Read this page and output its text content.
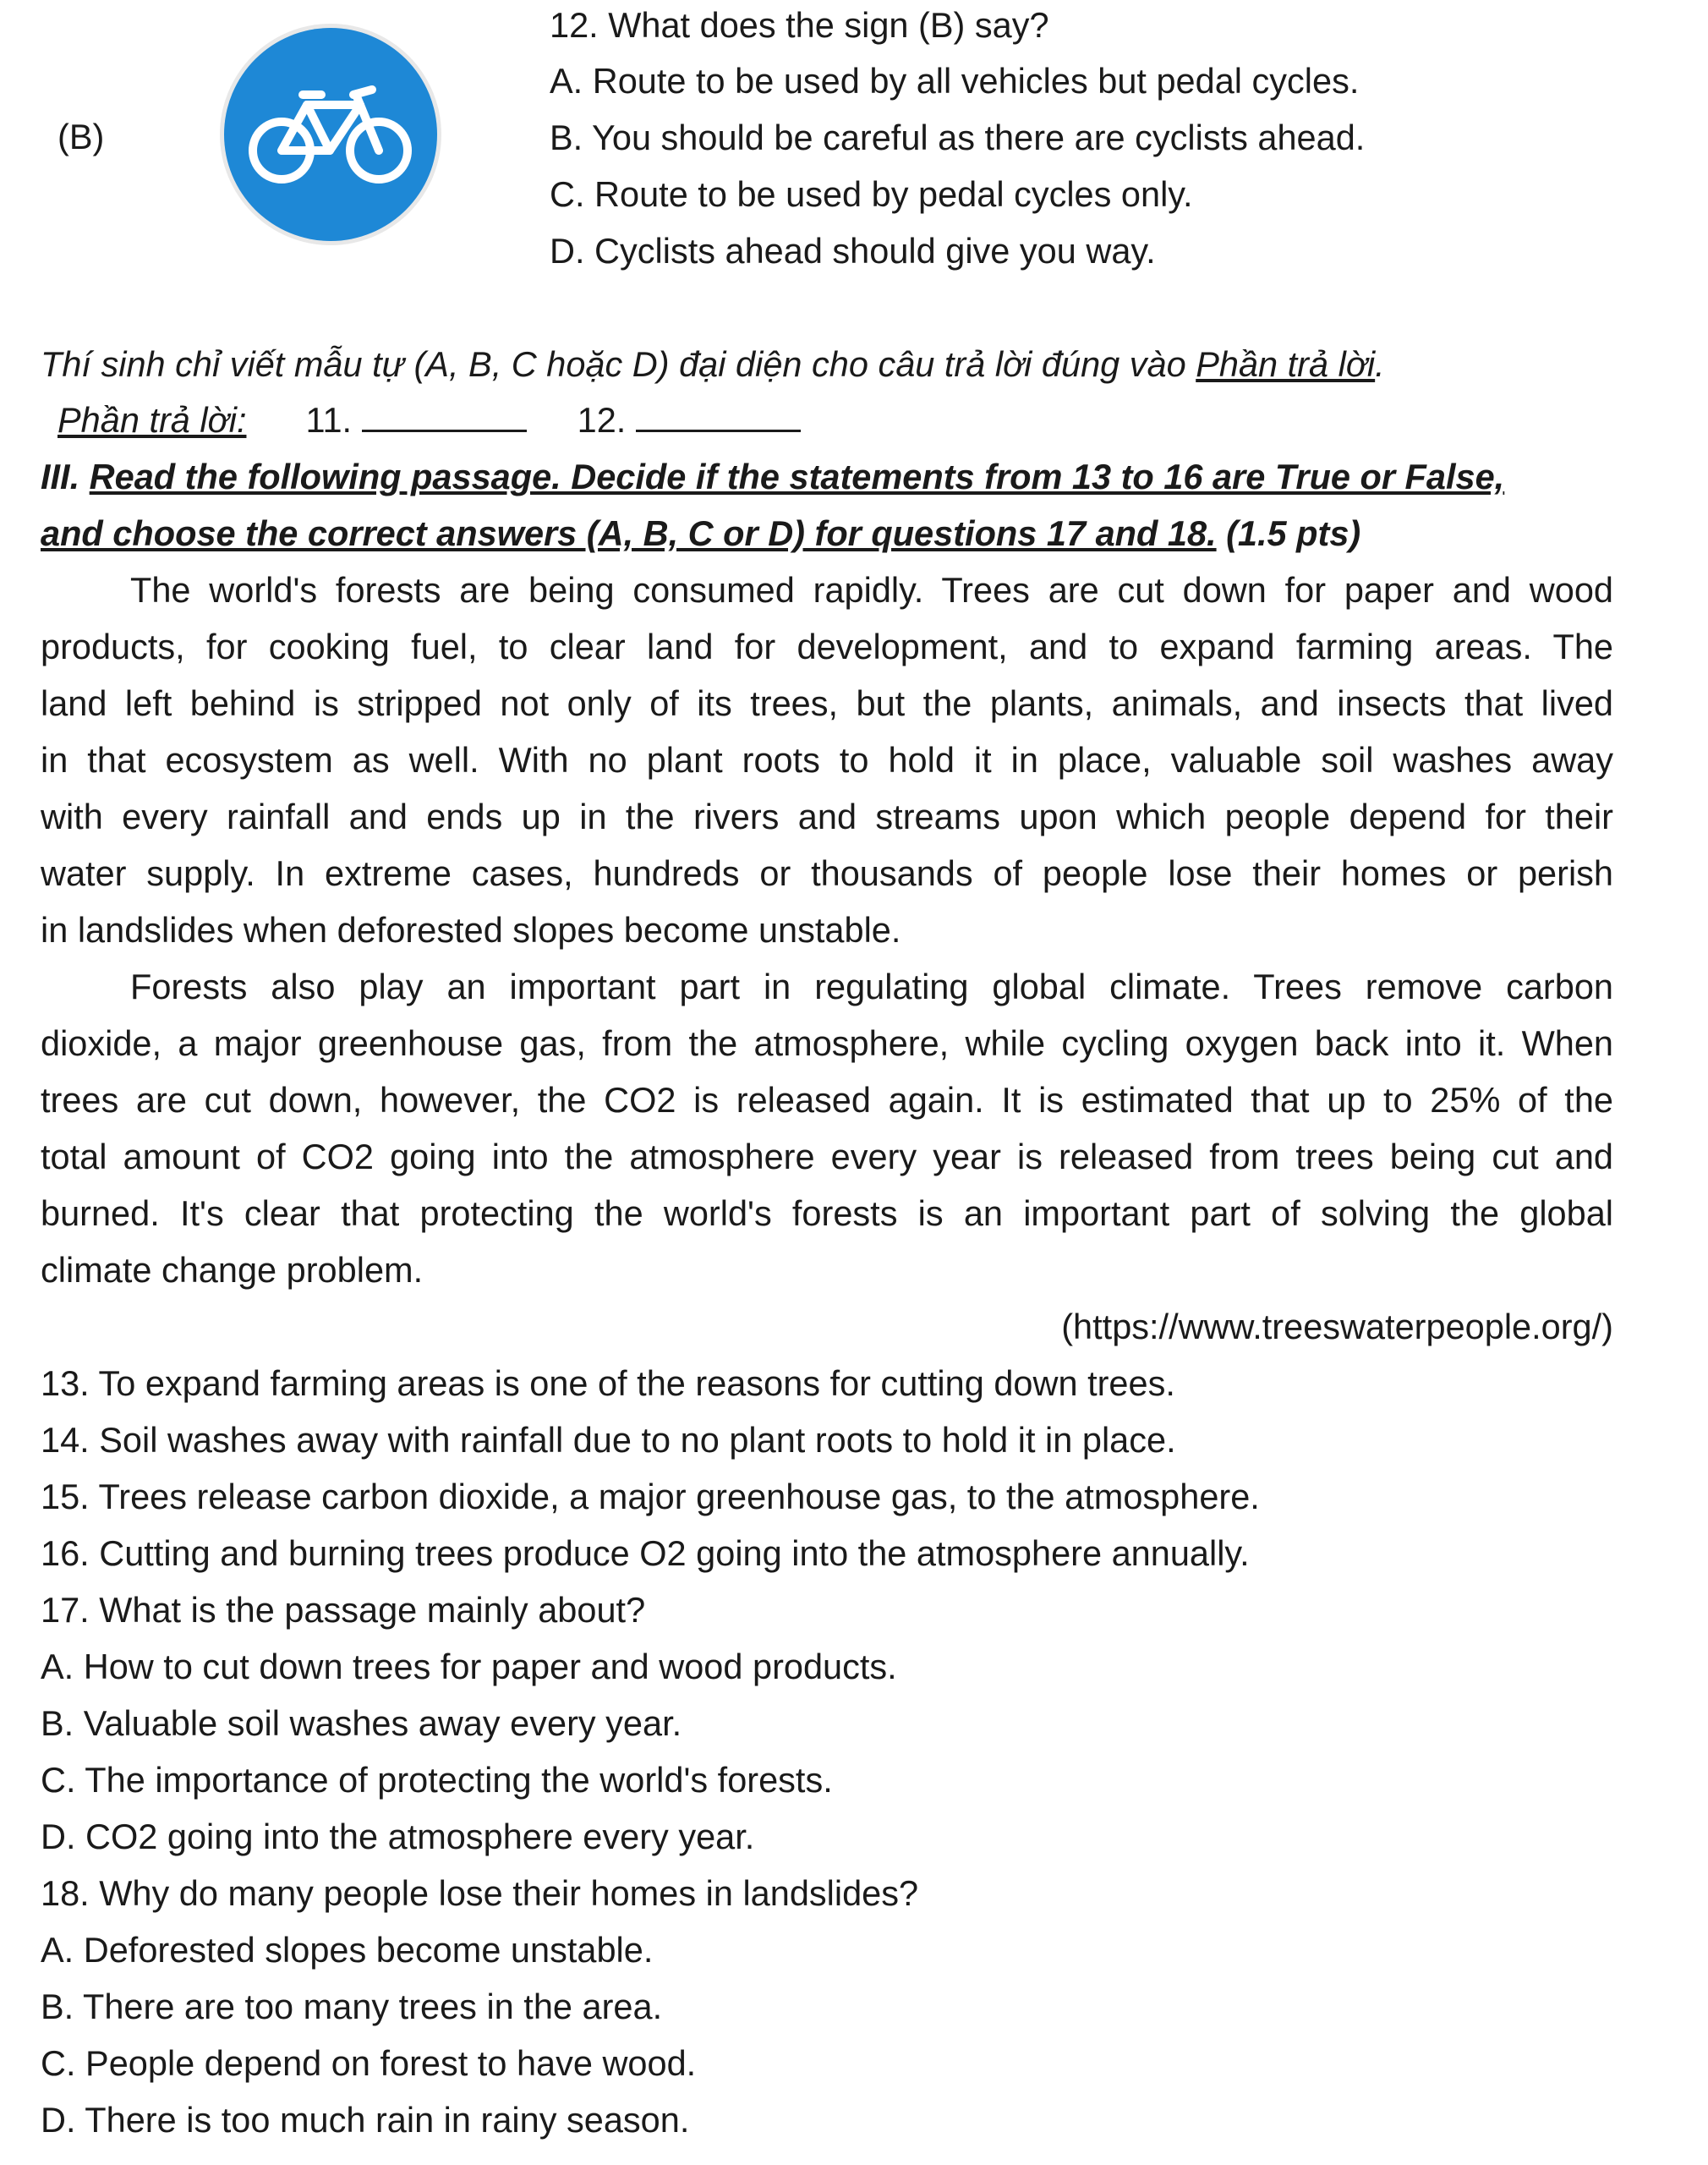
12. What does the sign (B) say?
(B)
A. Route to be used by all vehicles but pedal cycles.
B. You should be careful as there are cyclists ahead.
C. Route to be used by pedal cycles only.
D. Cyclists ahead should give you way.
Thí sinh chỉ viết mẫu tự (A, B, C hoặc D) đại diện cho câu trả lời đúng vào Phần trả lời.
Phần trả lời: 11.	12.
III. Read the following passage. Decide if the statements from 13 to 16 are True or False,
and choose the correct answers (A, B, C or D) for questions 17 and 18. (1.5 pts)
The world's forests are being consumed rapidly. Trees are cut down for paper and wood
products, for cooking fuel, to clear land for development, and to expand farming areas. The
land left behind is stripped not only of its trees, but the plants, animals, and insects that lived
in that ecosystem as well. With no plant roots to hold it in place, valuable soil washes away
with every rainfall and ends up in the rivers and streams upon which people depend for their
water supply. In extreme cases, hundreds or thousands of people lose their homes or perish
in landslides when deforested slopes become unstable.
Forests also play an important part in regulating global climate. Trees remove carbon
dioxide, a major greenhouse gas, from the atmosphere, while cycling oxygen back into it. When
trees are cut down, however, the CO2 is released again. It is estimated that up to 25% of the
total amount of CO2 going into the atmosphere every year is released from trees being cut and
burned. It's clear that protecting the world's forests is an important part of solving the global
climate change problem.
(https://www.treeswaterpeople.org/)
13. To expand farming areas is one of the reasons for cutting down trees.
14. Soil washes away with rainfall due to no plant roots to hold it in place.
15. Trees release carbon dioxide, a major greenhouse gas, to the atmosphere.
16. Cutting and burning trees produce O2 going into the atmosphere annually.
17. What is the passage mainly about?
A. How to cut down trees for paper and wood products.
B. Valuable soil washes away every year.
C. The importance of protecting the world's forests.
D. CO2 going into the atmosphere every year.
18. Why do many people lose their homes in landslides?
A. Deforested slopes become unstable.
B. There are too many trees in the area.
C. People depend on forest to have wood.
D. There is too much rain in rainy season.
